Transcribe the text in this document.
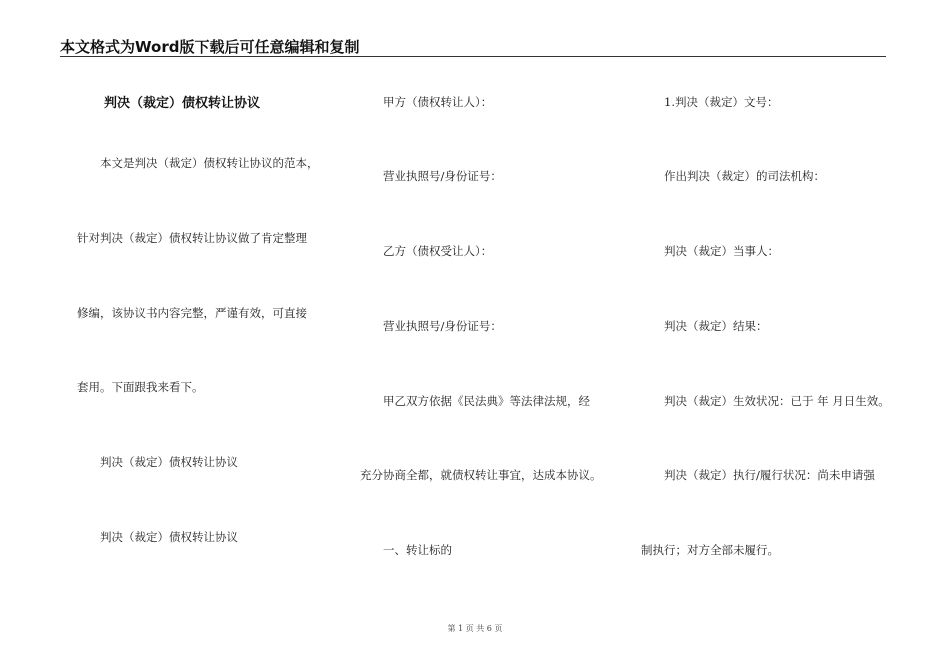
本文格式为Word版下载后可任意编辑和复制
判决（裁定）债权转让协议
本文是判决（裁定）债权转让协议的范本，
针对判决（裁定）债权转让协议做了肯定整理
修编，该协议书内容完整，严谨有效，可直接
套用。下面跟我来看下。
判决（裁定）债权转让协议
判决（裁定）债权转让协议
甲方（债权转让人）：
营业执照号/身份证号：
乙方（债权受让人）：
营业执照号/身份证号：
甲乙双方依据《民法典》等法律法规，经
充分协商全都，就债权转让事宜，达成本协议。
一、转让标的
1.判决（裁定）文号：
作出判决（裁定）的司法机构：
判决（裁定）当事人：
判决（裁定）结果：
判决（裁定）生效状况：已于 年 月日生效。
判决（裁定）执行/履行状况：尚未申请强
制执行；对方全部未履行。
第 1 页 共 6 页
